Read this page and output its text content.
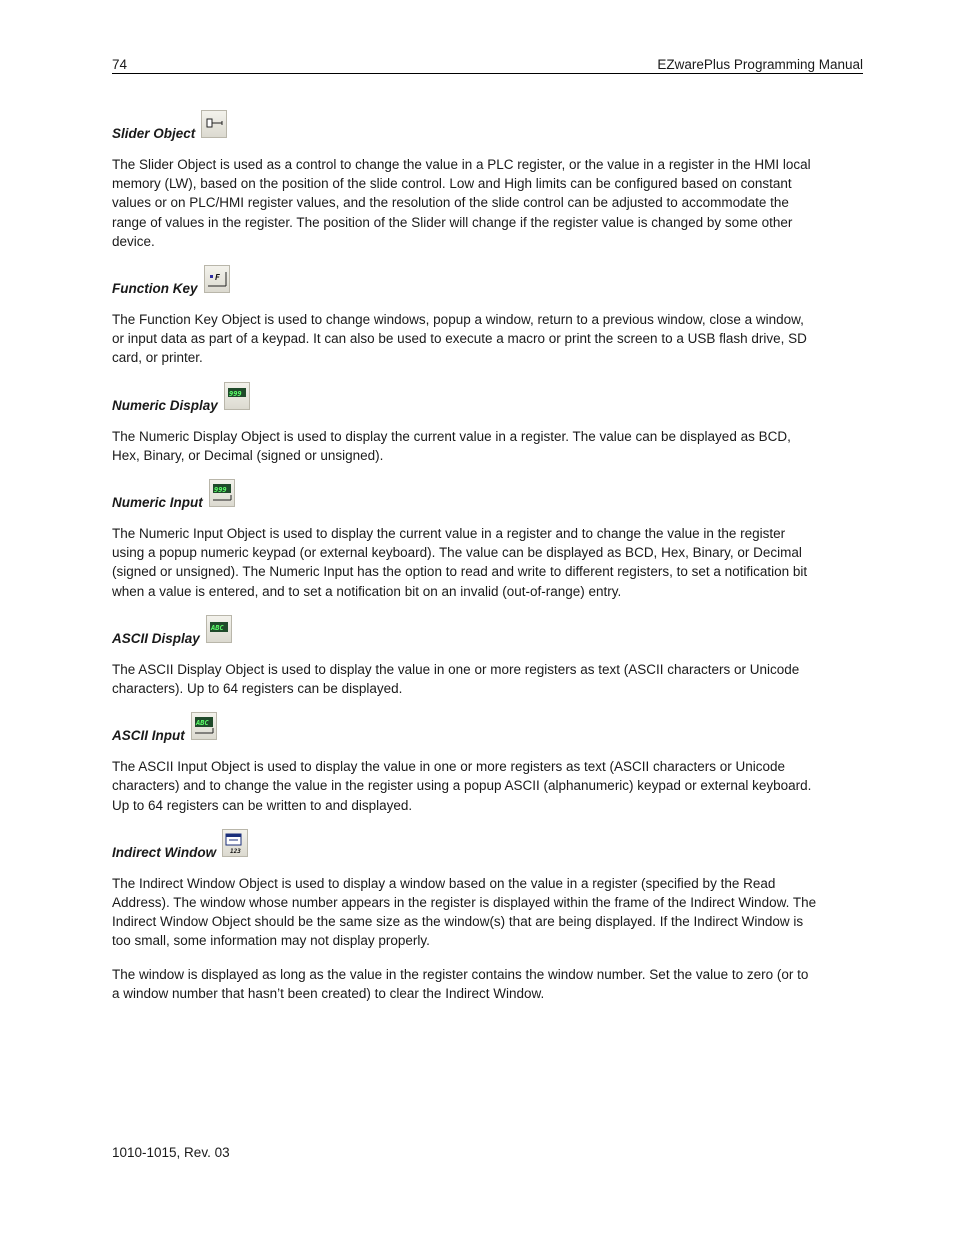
74	EZwarePlus Programming Manual
Slider Object

The Slider Object is used as a control to change the value in a PLC register, or the value in a register in the HMI local memory (LW), based on the position of the slide control. Low and High limits can be configured based on constant values or on PLC/HMI register values, and the resolution of the slide control can be adjusted to accommodate the range of values in the register. The position of the Slider will change if the register value is changed by some other device.

Function Key
F

The Function Key Object is used to change windows, popup a window, return to a previous window, close a window, or input data as part of a keypad. It can also be used to execute a macro or print the screen to a USB flash drive, SD card, or printer.

Numeric Display
999

The Numeric Display Object is used to display the current value in a register. The value can be displayed as BCD, Hex, Binary, or Decimal (signed or unsigned).

Numeric Input
999

The Numeric Input Object is used to display the current value in a register and to change the value in the register using a popup numeric keypad (or external keyboard). The value can be displayed as BCD, Hex, Binary, or Decimal (signed or unsigned). The Numeric Input has the option to read and write to different registers, to set a notification bit when a value is entered, and to set a notification bit on an invalid (out-of-range) entry.

ASCII Display
ABC

The ASCII Display Object is used to display the value in one or more registers as text (ASCII characters or Unicode characters). Up to 64 registers can be displayed.

ASCII Input
ABC

The ASCII Input Object is used to display the value in one or more registers as text (ASCII characters or Unicode characters) and to change the value in the register using a popup ASCII (alphanumeric) keypad or external keyboard. Up to 64 registers can be written to and displayed.

Indirect Window 123

The Indirect Window Object is used to display a window based on the value in a register (specified by the Read Address). The window whose number appears in the register is displayed within the frame of the Indirect Window. The Indirect Window Object should be the same size as the window(s) that are being displayed. If the Indirect Window is too small, some information may not display properly.

The window is displayed as long as the value in the register contains the window number. Set the value to zero (or to a window number that hasn’t been created) to clear the Indirect Window.

1010-1015, Rev. 03
